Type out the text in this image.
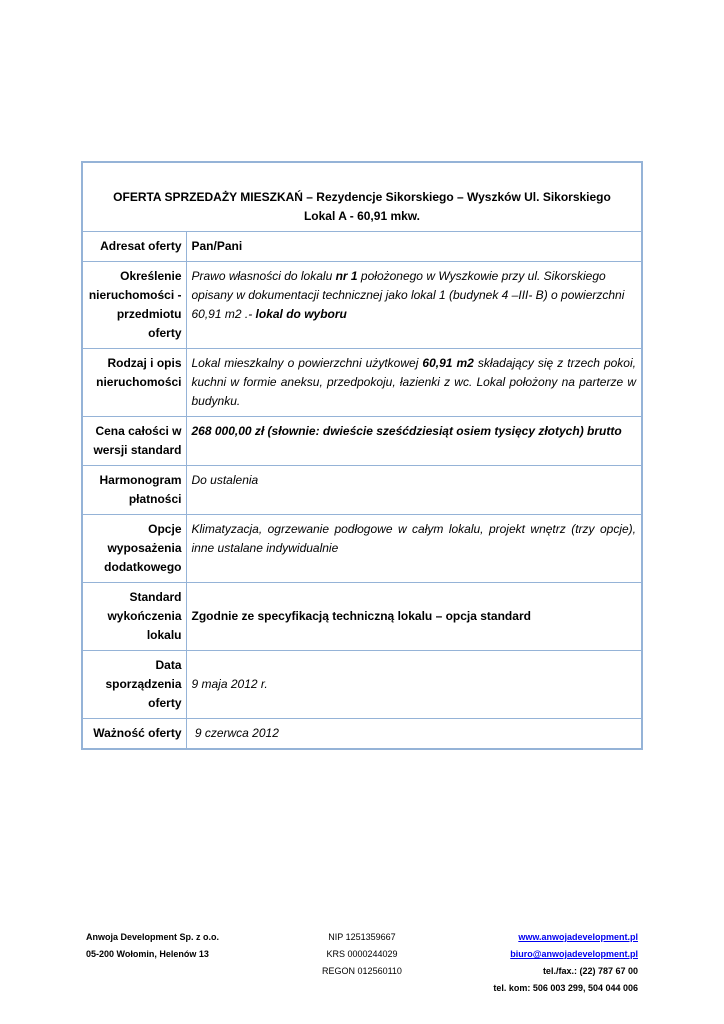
OFERTA SPRZEDAŻY MIESZKAŃ – Rezydencje Sikorskiego – Wyszków Ul. Sikorskiego
Lokal A - 60,91 mkw.	

Adresat oferty	Pan/Pani
Określenie nieruchomości - przedmiotu oferty	Prawo własności do lokalu nr 1 położonego w Wyszkowie przy ul. Sikorskiego opisany w dokumentacji technicznej jako lokal 1 (budynek 4 –III- B) o powierzchni 60,91 m2 .- lokal do wyboru
Rodzaj i opis nieruchomości	Lokal mieszkalny o powierzchni użytkowej 60,91 m2 składający się z trzech pokoi, kuchni w formie aneksu, przedpokoju, łazienki z wc. Lokal położony na parterze w budynku.
Cena całości w wersji standard	268 000,00 zł (słownie: dwieście sześćdziesiąt osiem tysięcy złotych) brutto
Harmonogram płatności	Do ustalenia
Opcje wyposażenia dodatkowego	Klimatyzacja, ogrzewanie podłogowe w całym lokalu, projekt wnętrz (trzy opcje), inne ustalane indywidualnie
Standard wykończenia lokalu	Zgodnie ze specyfikacją techniczną lokalu – opcja standard
Data sporządzenia oferty	9 maja 2012 r.
Ważność oferty	9 czerwca 2012
Anwoja Development Sp. z o.o.
05-200 Wołomin, Helenów 13
NIP 1251359667
KRS 0000244029
REGON 012560110
www.anwojadevelopment.pl
biuro@anwojadevelopment.pl
tel./fax.: (22) 787 67 00
tel. kom: 506 003 299, 504 044 006
